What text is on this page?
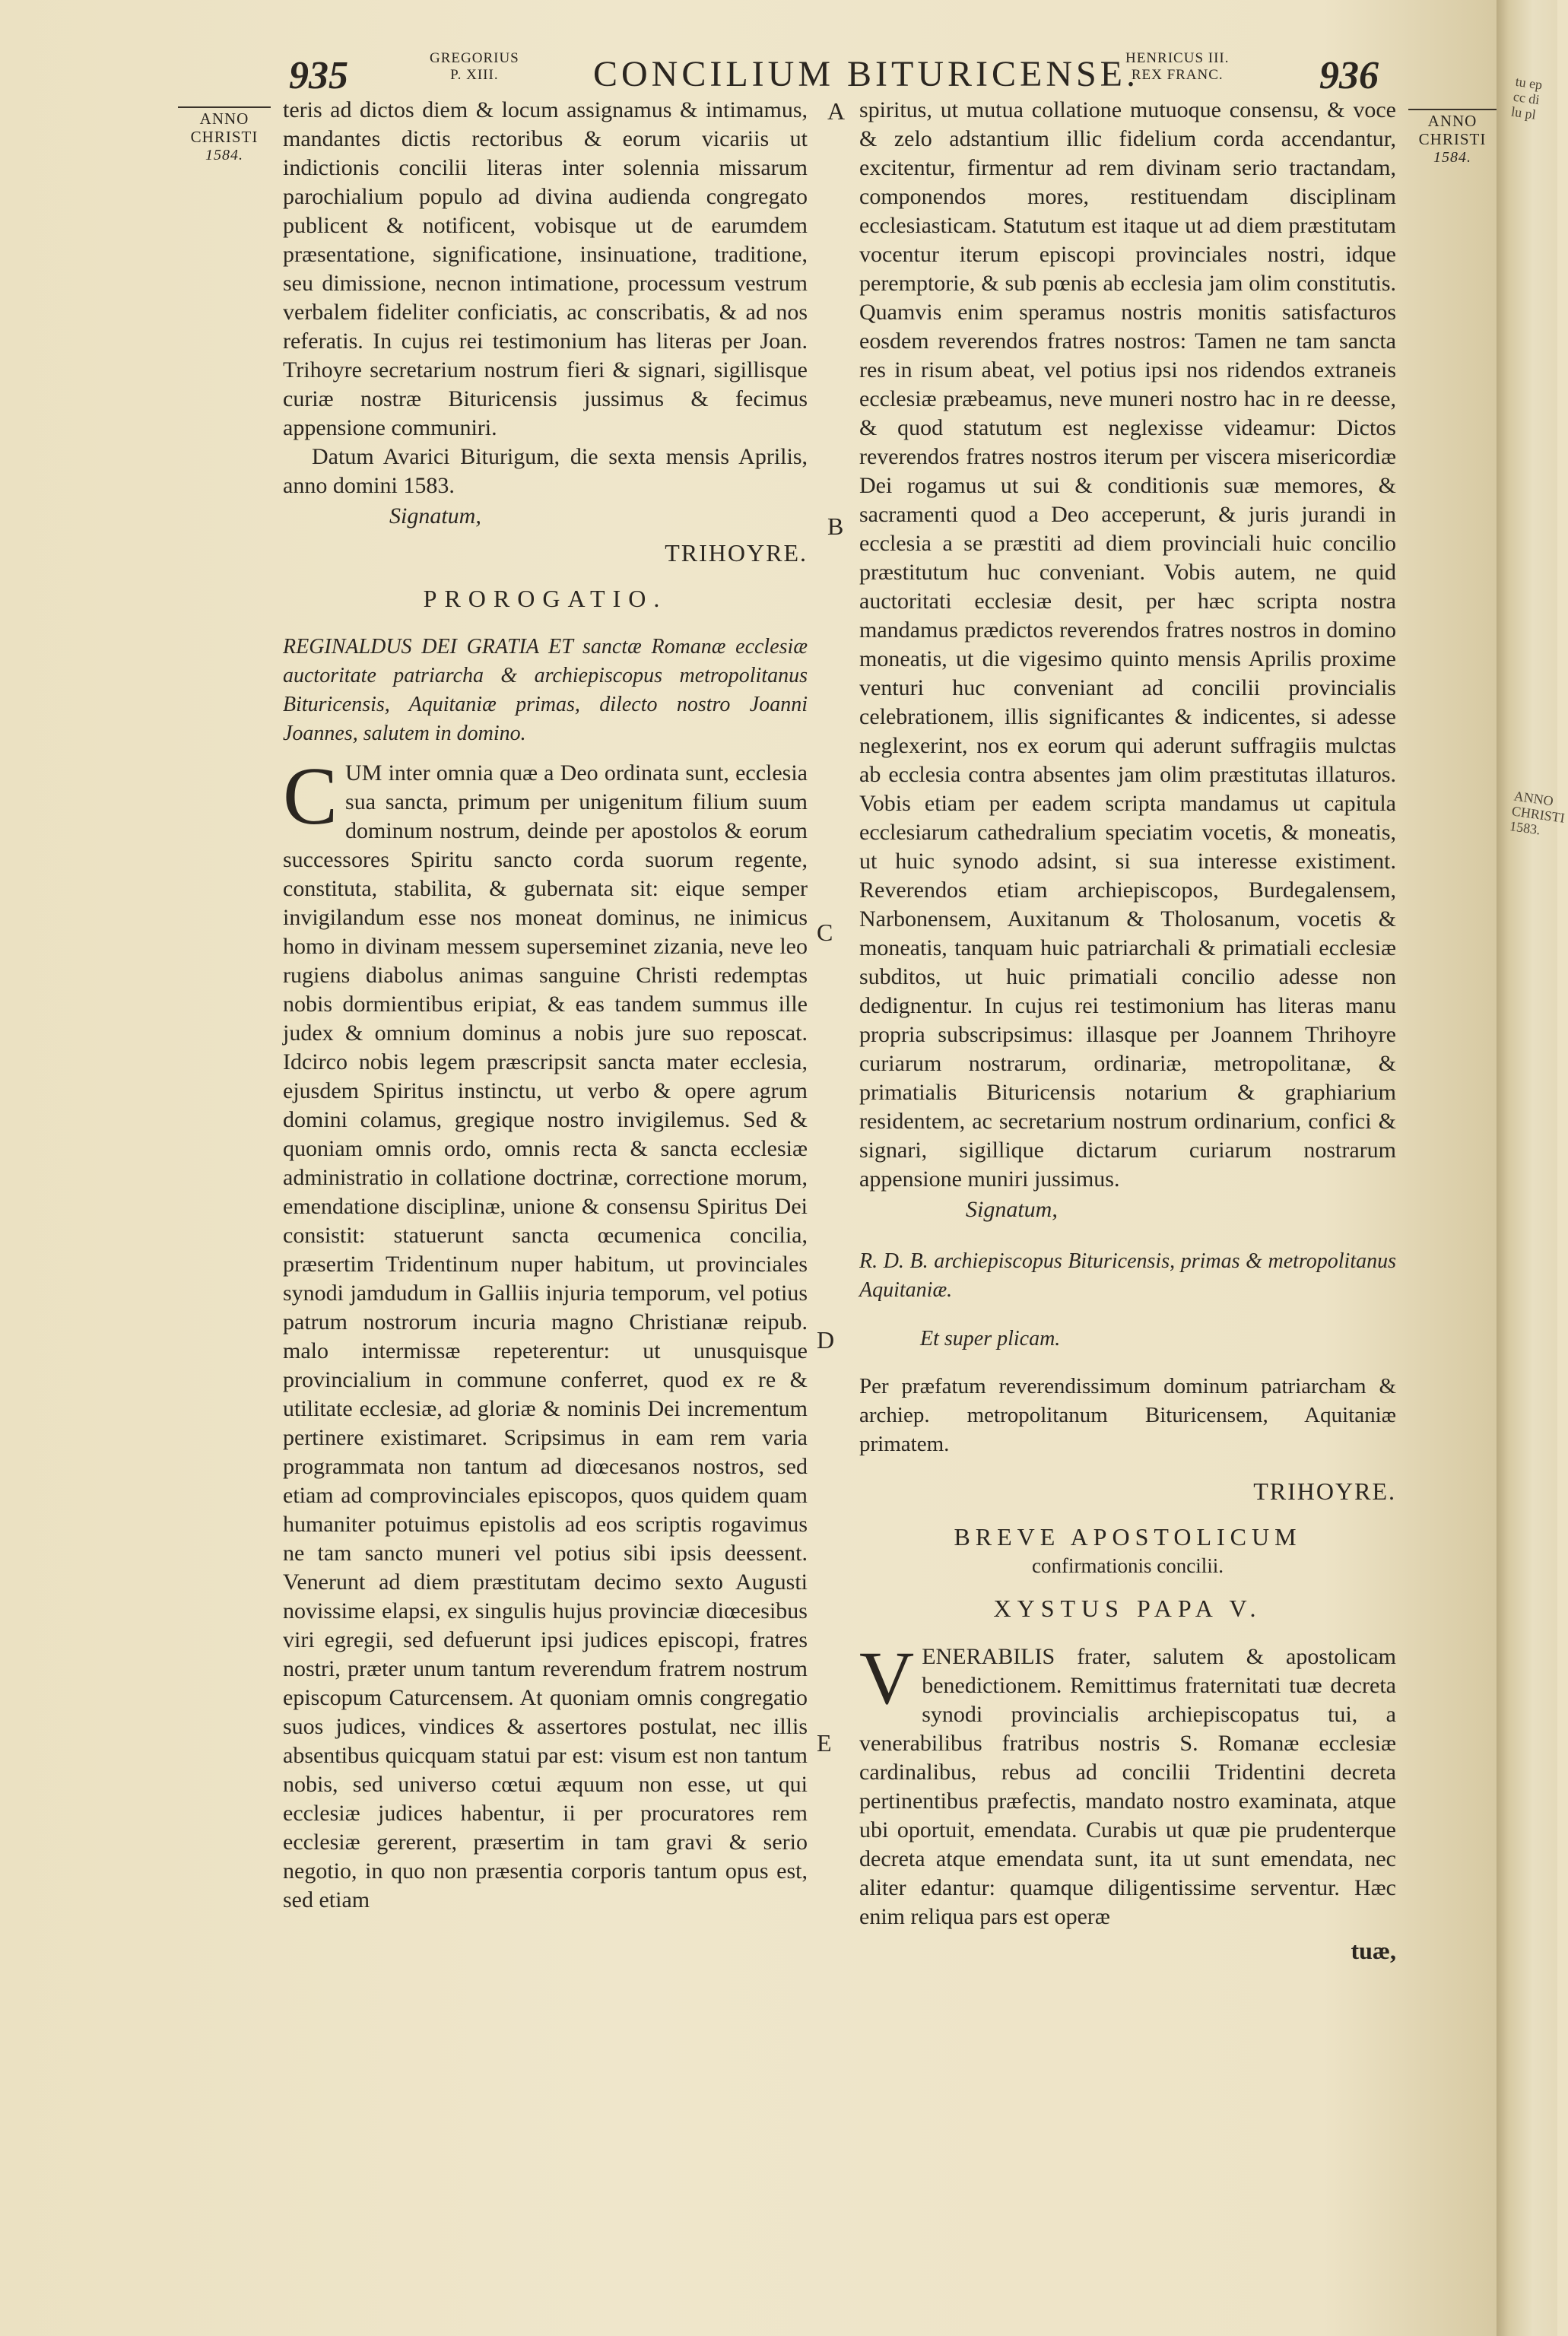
tu ep cc di lu pl
ANNO CHRISTI 1583.
935	GREGORIUS
P. XIII.	CONCILIUM BITURICENSE.
HENRICUS III.
REX FRANC. 936
ANNO
CHRISTI
1584.
ANNO
CHRISTI
1584.
A
B
C
D
E

teris ad dictos diem & locum assignamus & intimamus, mandantes dictis rectoribus & eorum vicariis ut indictionis concilii literas inter solennia missarum parochialium populo ad divina audienda congregato publicent & notificent, vobisque ut de earumdem præsentatione, significatione, insinuatione, traditione, seu dimissione, necnon intimatione, processum vestrum verbalem fideliter conficiatis, ac conscribatis, & ad nos referatis. In cujus rei testimonium has literas per Joan. Trihoyre secretarium nostrum fieri & signari, sigillisque curiæ nostræ Bituricensis jussimus & fecimus appensione communiri.

Datum Avarici Biturigum, die sexta mensis Aprilis, anno domini 1583.

Signatum,

TRIHOYRE.

PROROGATIO.

REGINALDUS DEI GRATIA ET sanctæ Romanæ ecclesiæ auctoritate patriarcha & archiepiscopus metropolitanus Bituricensis, Aquitaniæ primas, dilecto nostro Joanni Joannes, salutem in domino.

CUM inter omnia quæ a Deo ordinata sunt, ecclesia sua sancta, primum per unigenitum filium suum dominum nostrum, deinde per apostolos & eorum successores Spiritu sancto corda suorum regente, constituta, stabilita, & gubernata sit: eique semper invigilandum esse nos moneat dominus, ne inimicus homo in divinam messem superseminet zizania, neve leo rugiens diabolus animas sanguine Christi redemptas nobis dormientibus eripiat, & eas tandem summus ille judex & omnium dominus a nobis jure suo reposcat. Idcirco nobis legem præscripsit sancta mater ecclesia, ejusdem Spiritus instinctu, ut verbo & opere agrum domini colamus, gregique nostro invigilemus. Sed & quoniam omnis ordo, omnis recta & sancta ecclesiæ administratio in collatione doctrinæ, correctione morum, emendatione disciplinæ, unione & consensu Spiritus Dei consistit: statuerunt sancta œcumenica concilia, præsertim Tridentinum nuper habitum, ut provinciales synodi jamdudum in Galliis injuria temporum, vel potius patrum nostrorum incuria magno Christianæ reipub. malo intermissæ repeterentur: ut unusquisque provincialium in commune conferret, quod ex re & utilitate ecclesiæ, ad gloriæ & nominis Dei incrementum pertinere existimaret. Scripsimus in eam rem varia programmata non tantum ad diœcesanos nostros, sed etiam ad comprovinciales episcopos, quos quidem quam humaniter potuimus epistolis ad eos scriptis rogavimus ne tam sancto muneri vel potius sibi ipsis deessent. Venerunt ad diem præstitutam decimo sexto Augusti novissime elapsi, ex singulis hujus provinciæ diœcesibus viri egregii, sed defuerunt ipsi judices episcopi, fratres nostri, præter unum tantum reverendum fratrem nostrum episcopum Caturcensem. At quoniam omnis congregatio suos judices, vindices & assertores postulat, nec illis absentibus quicquam statui par est: visum est non tantum nobis, sed universo cœtui æquum non esse, ut qui ecclesiæ judices habentur, ii per procuratores rem ecclesiæ gererent, præsertim in tam gravi & serio negotio, in quo non præsentia corporis tantum opus est, sed etiam

spiritus, ut mutua collatione mutuoque consensu, & voce & zelo adstantium illic fidelium corda accendantur, excitentur, firmentur ad rem divinam serio tractandam, componendos mores, restituendam disciplinam ecclesiasticam. Statutum est itaque ut ad diem præstitutam vocentur iterum episcopi provinciales nostri, idque peremptorie, & sub pœnis ab ecclesia jam olim constitutis. Quamvis enim speramus nostris monitis satisfacturos eosdem reverendos fratres nostros: Tamen ne tam sancta res in risum abeat, vel potius ipsi nos ridendos extraneis ecclesiæ præbeamus, neve muneri nostro hac in re deesse, & quod statutum est neglexisse videamur: Dictos reverendos fratres nostros iterum per viscera misericordiæ Dei rogamus ut sui & conditionis suæ memores, & sacramenti quod a Deo acceperunt, & juris jurandi in ecclesia a se præstiti ad diem provinciali huic concilio præstitutum huc conveniant. Vobis autem, ne quid auctoritati ecclesiæ desit, per hæc scripta nostra mandamus prædictos reverendos fratres nostros in domino moneatis, ut die vigesimo quinto mensis Aprilis proxime venturi huc conveniant ad concilii provincialis celebrationem, illis significantes & indicentes, si adesse neglexerint, nos ex eorum qui aderunt suffragiis mulctas ab ecclesia contra absentes jam olim præstitutas illaturos. Vobis etiam per eadem scripta mandamus ut capitula ecclesiarum cathedralium speciatim vocetis, & moneatis, ut huic synodo adsint, si sua interesse existiment. Reverendos etiam archiepiscopos, Burdegalensem, Narbonensem, Auxitanum & Tholosanum, vocetis & moneatis, tanquam huic patriarchali & primatiali ecclesiæ subditos, ut huic primatiali concilio adesse non dedignentur. In cujus rei testimonium has literas manu propria subscripsimus: illasque per Joannem Thrihoyre curiarum nostrarum, ordinariæ, metropolitanæ, & primatialis Bituricensis notarium & graphiarium residentem, ac secretarium nostrum ordinarium, confici & signari, sigillique dictarum curiarum nostrarum appensione muniri jussimus.

Signatum,

R. D. B. archiepiscopus Bituricensis, primas & metropolitanus Aquitaniæ.

Et super plicam.

Per præfatum reverendissimum dominum patriarcham & archiep. metropolitanum Bituricensem, Aquitaniæ primatem.

TRIHOYRE.

BREVE APOSTOLICUM

confirmationis concilii.

XYSTUS PAPA V.

VENERABILIS frater, salutem & apostolicam benedictionem. Remittimus fraternitati tuæ decreta synodi provincialis archiepiscopatus tui, a venerabilibus fratribus nostris S. Romanæ ecclesiæ cardinalibus, rebus ad concilii Tridentini decreta pertinentibus præfectis, mandato nostro examinata, atque ubi oportuit, emendata. Curabis ut quæ pie prudenterque decreta atque emendata sunt, ita ut sunt emendata, nec aliter edantur: quamque diligentissime serventur. Hæc enim reliqua pars est operæ

tuæ,
